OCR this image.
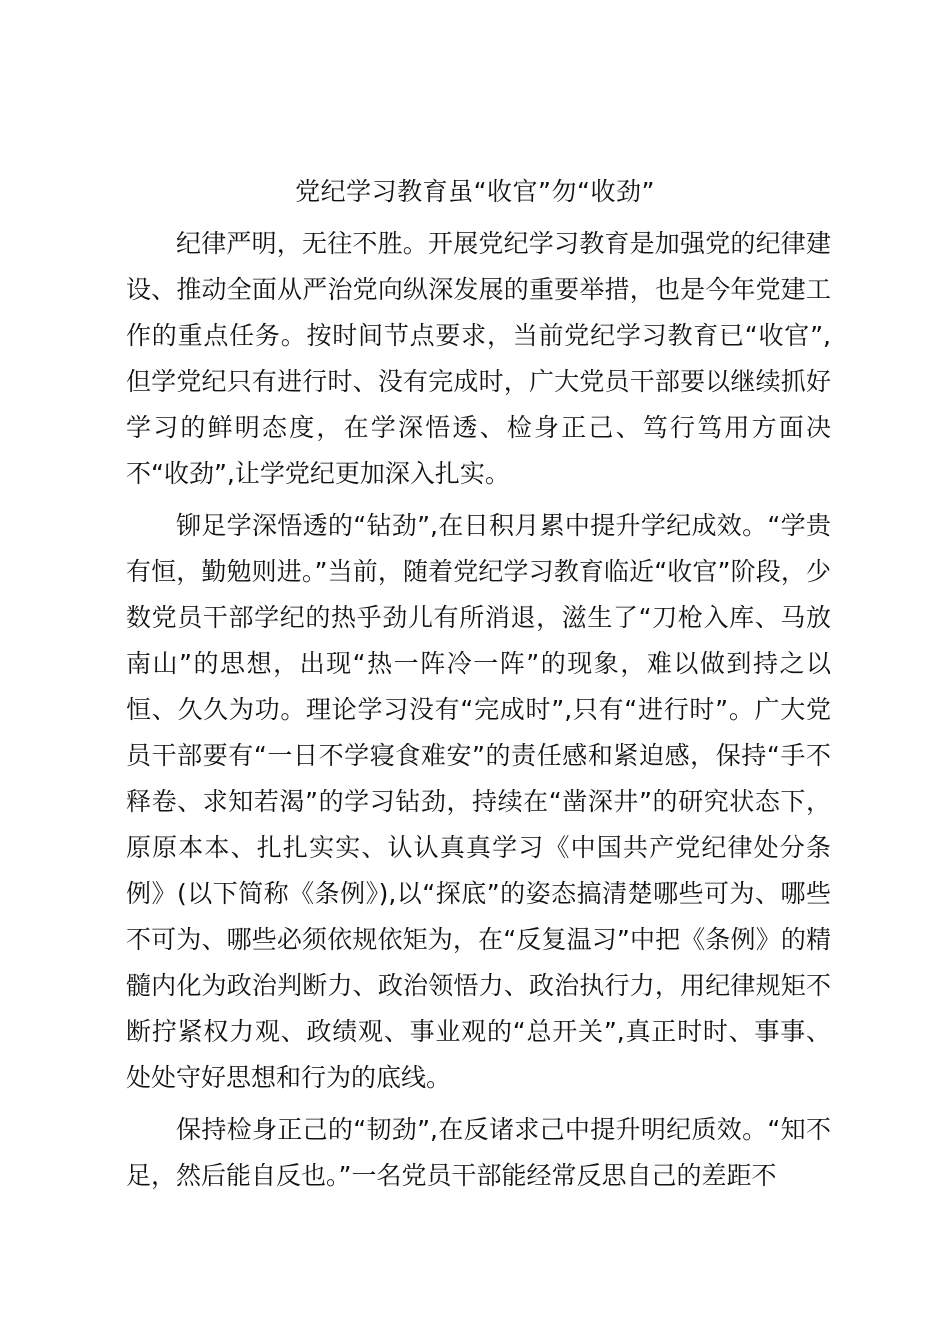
党纪学习教育虽“收官”勿“收劲”

纪律严明，无往不胜。开展党纪学习教育是加强党的纪律建设、推动全面从严治党向纵深发展的重要举措，也是今年党建工作的重点任务。按时间节点要求，当前党纪学习教育已“收官”,但学党纪只有进行时、没有完成时，广大党员干部要以继续抓好学习的鲜明态度，在学深悟透、检身正己、笃行笃用方面决不“收劲”,让学党纪更加深入扎实。

铆足学深悟透的“钻劲”,在日积月累中提升学纪成效。“学贵有恒，勤勉则进。”当前，随着党纪学习教育临近“收官”阶段，少数党员干部学纪的热乎劲儿有所消退，滋生了“刀枪入库、马放南山”的思想，出现“热一阵冷一阵”的现象，难以做到持之以恒、久久为功。理论学习没有“完成时”,只有“进行时”。广大党员干部要有“一日不学寝食难安”的责任感和紧迫感，保持“手不释卷、求知若渴”的学习钻劲，持续在“凿深井”的研究状态下，原原本本、扎扎实实、认认真真学习《中国共产党纪律处分条例》(以下简称《条例》),以“探底”的姿态搞清楚哪些可为、哪些不可为、哪些必须依规依矩为，在“反复温习”中把《条例》的精髓内化为政治判断力、政治领悟力、政治执行力，用纪律规矩不断拧紧权力观、政绩观、事业观的“总开关”,真正时时、事事、处处守好思想和行为的底线。

保持检身正己的“韧劲”,在反诸求己中提升明纪质效。“知不足，然后能自反也。”一名党员干部能经常反思自己的差距不
